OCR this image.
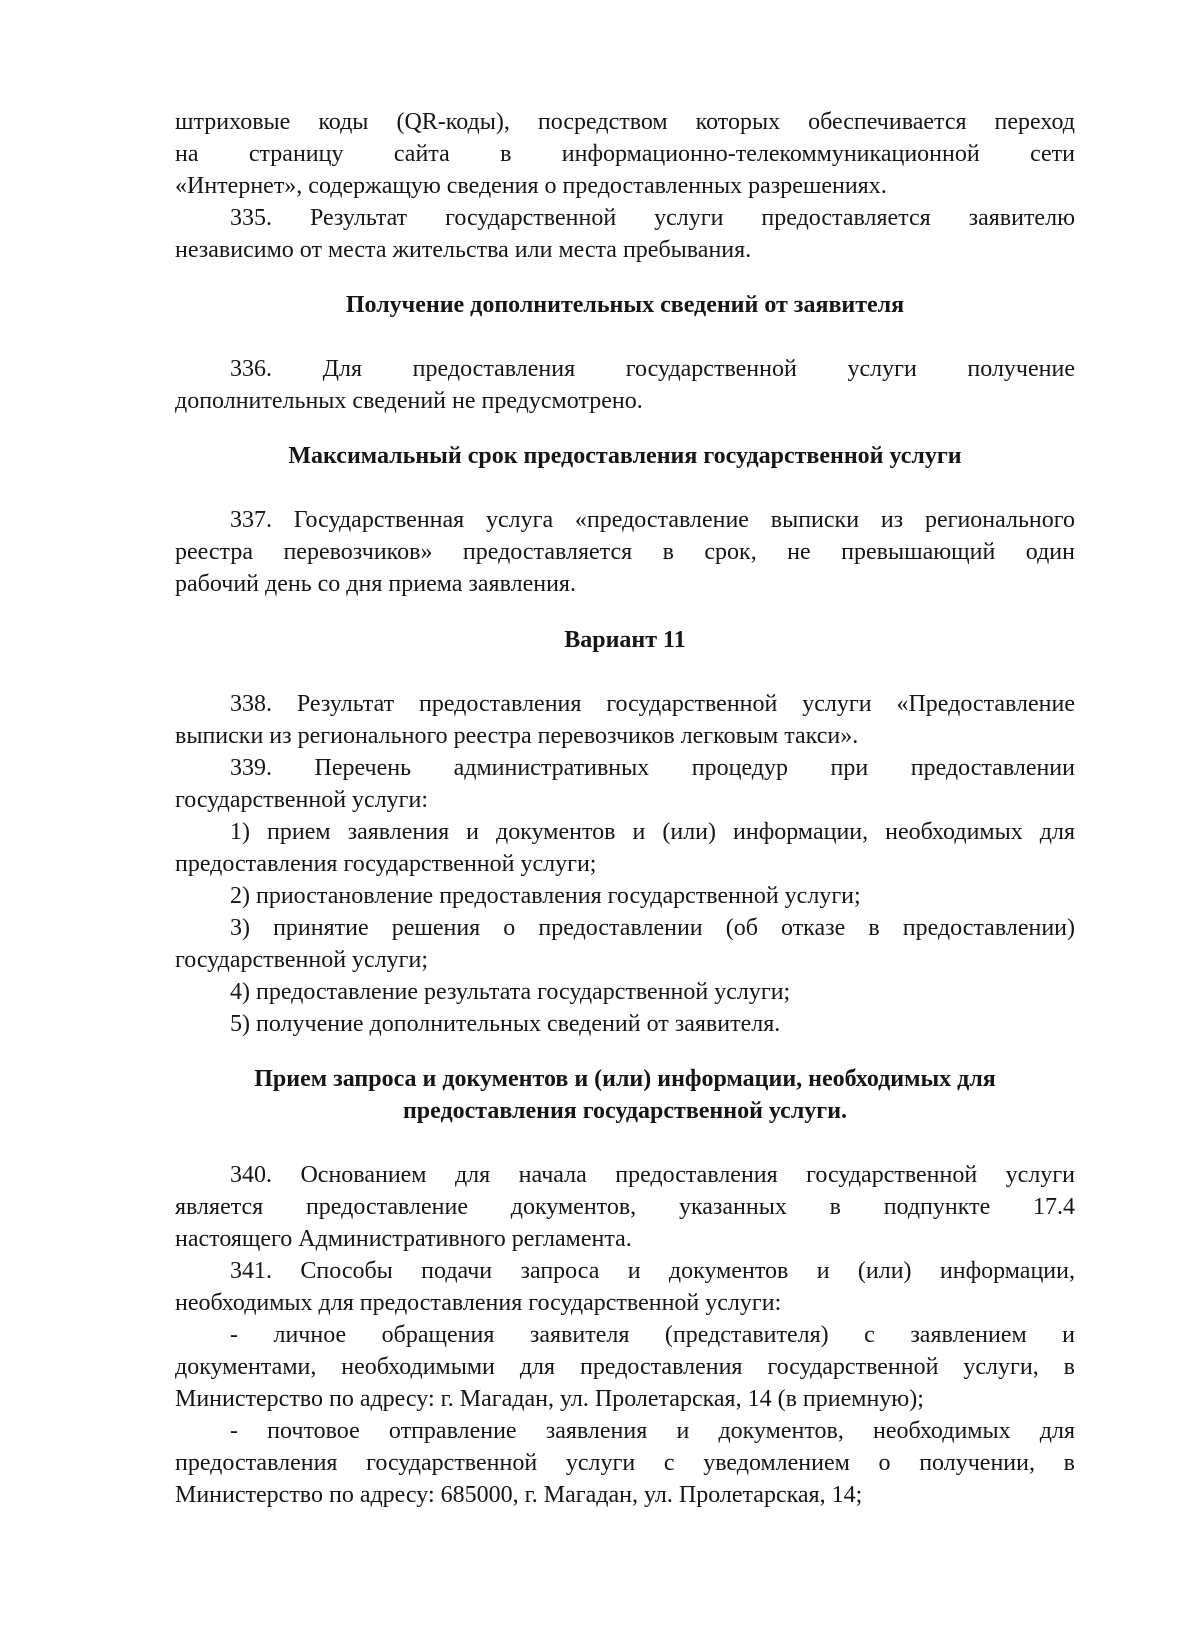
штриховые коды (QR-коды), посредством которых обеспечивается переход
на страницу сайта в информационно-телекоммуникационной сети
«Интернет», содержащую сведения о предоставленных разрешениях.
335. Результат государственной услуги предоставляется заявителю
независимо от места жительства или места пребывания.
Получение дополнительных сведений от заявителя
336. Для предоставления государственной услуги получение
дополнительных сведений не предусмотрено.
Максимальный срок предоставления государственной услуги
337. Государственная услуга «предоставление выписки из регионального
реестра перевозчиков» предоставляется в срок, не превышающий один
рабочий день со дня приема заявления.
Вариант 11
338. Результат предоставления государственной услуги «Предоставление
выписки из регионального реестра перевозчиков легковым такси».
339. Перечень административных процедур при предоставлении
государственной услуги:
1) прием заявления и документов и (или) информации, необходимых для
предоставления государственной услуги;
2) приостановление предоставления государственной услуги;
3) принятие решения о предоставлении (об отказе в предоставлении)
государственной услуги;
4) предоставление результата государственной услуги;
5) получение дополнительных сведений от заявителя.
Прием запроса и документов и (или) информации, необходимых для
предоставления государственной услуги.
340. Основанием для начала предоставления государственной услуги
является предоставление документов, указанных в подпункте 17.4
настоящего Административного регламента.
341. Способы подачи запроса и документов и (или) информации,
необходимых для предоставления государственной услуги:
- личное обращения заявителя (представителя) с заявлением и
документами, необходимыми для предоставления государственной услуги, в
Министерство по адресу: г. Магадан, ул. Пролетарская, 14 (в приемную);
- почтовое отправление заявления и документов, необходимых для
предоставления государственной услуги с уведомлением о получении, в
Министерство по адресу: 685000, г. Магадан, ул. Пролетарская, 14;
